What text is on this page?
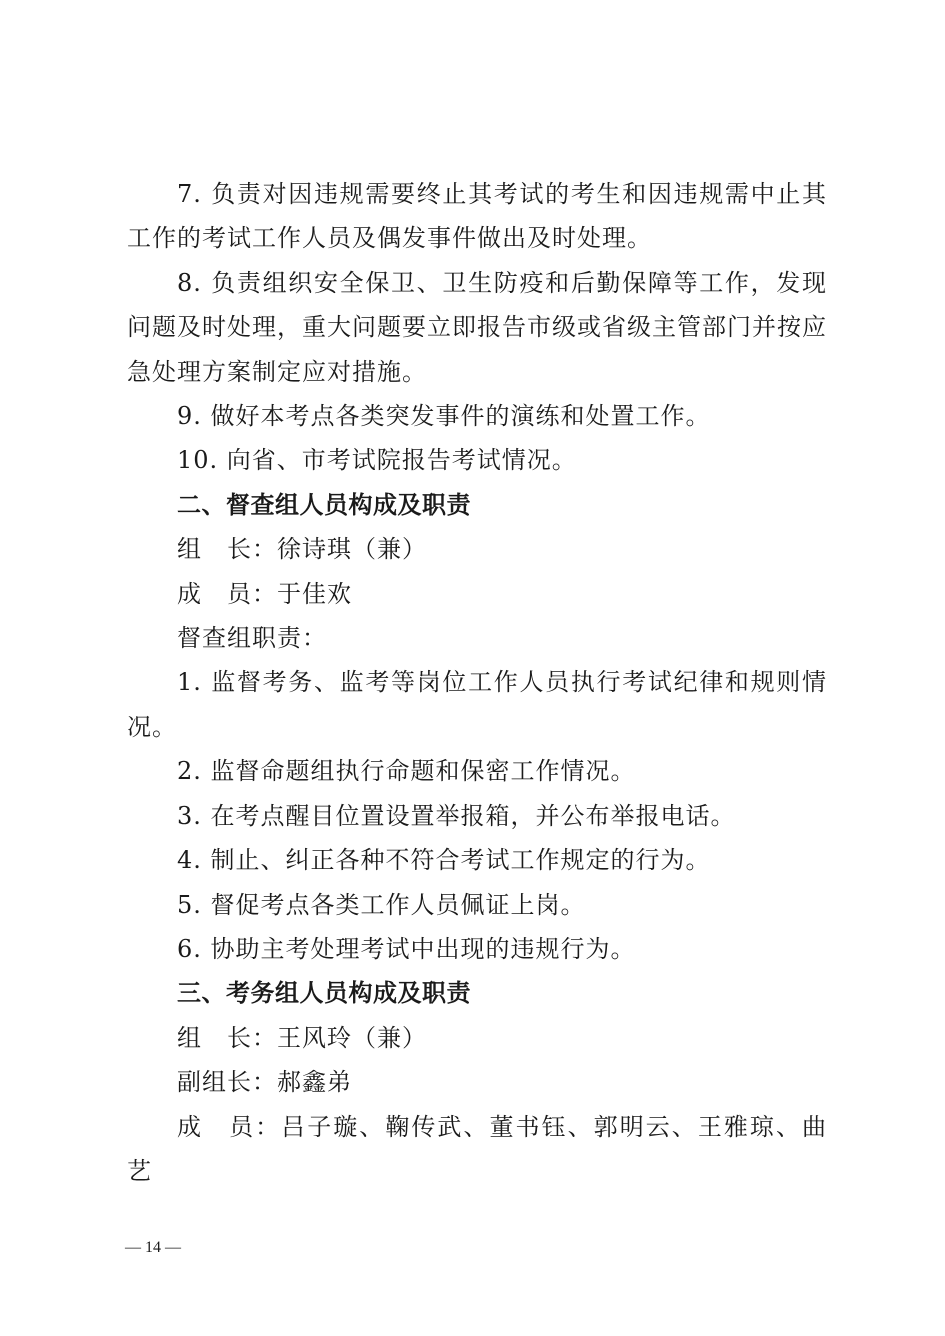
7. 负责对因违规需要终止其考试的考生和因违规需中止其工作的考试工作人员及偶发事件做出及时处理。

8. 负责组织安全保卫、卫生防疫和后勤保障等工作，发现问题及时处理，重大问题要立即报告市级或省级主管部门并按应急处理方案制定应对措施。

9. 做好本考点各类突发事件的演练和处置工作。

10. 向省、市考试院报告考试情况。

二、督查组人员构成及职责

组　长：徐诗琪（兼）

成　员：于佳欢

督查组职责：

1. 监督考务、监考等岗位工作人员执行考试纪律和规则情况。

2. 监督命题组执行命题和保密工作情况。

3. 在考点醒目位置设置举报箱，并公布举报电话。

4. 制止、纠正各种不符合考试工作规定的行为。

5. 督促考点各类工作人员佩证上岗。

6. 协助主考处理考试中出现的违规行为。

三、考务组人员构成及职责

组　长：王风玲（兼）

副组长：郝鑫弟

成　员：吕子璇、鞠传武、董书钰、郭明云、王雅琼、曲　艺

— 14 —
